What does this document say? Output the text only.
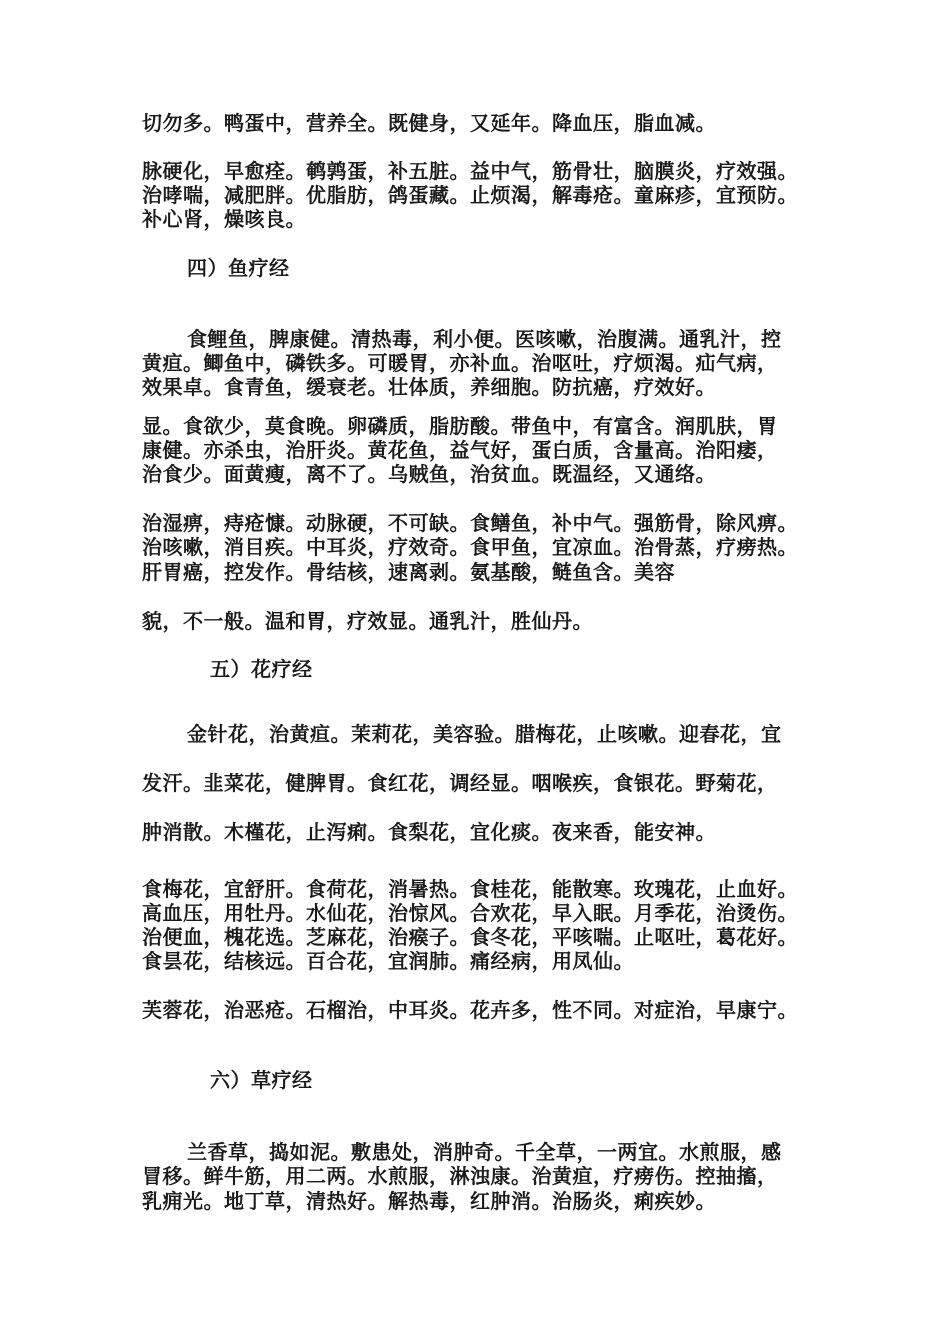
切勿多。鸭蛋中，营养全。既健身，又延年。降血压，脂血减。
脉硬化，早愈痊。鹌鹑蛋，补五脏。益中气，筋骨壮，脑膜炎，疗效强。
治哮喘，减肥胖。优脂肪，鸽蛋藏。止烦渴，解毒疮。童麻疹，宜预防。
补心肾，燥咳良。
四）鱼疗经
食鲤鱼，脾康健。清热毒，利小便。医咳嗽，治腹满。通乳汁，控
黄疸。鲫鱼中，磷铁多。可暖胃，亦补血。治呕吐，疗烦渴。疝气病，
效果卓。食青鱼，缓衰老。壮体质，养细胞。防抗癌，疗效好。
显。食欲少，莫食晚。卵磷质，脂肪酸。带鱼中，有富含。润肌肤，胃
康健。亦杀虫，治肝炎。黄花鱼，益气好，蛋白质，含量高。治阳痿，
治食少。面黄瘦，离不了。乌贼鱼，治贫血。既温经，又通络。
治湿痹，痔疮慷。动脉硬，不可缺。食鳝鱼，补中气。强筋骨，除风痹。
治咳嗽，消目疾。中耳炎，疗效奇。食甲鱼，宜凉血。治骨蒸，疗痨热。
肝胃癌，控发作。骨结核，速离剥。氨基酸，鲢鱼含。美容
貌，不一般。温和胃，疗效显。通乳汁，胜仙丹。
五）花疗经
金针花，治黄疸。茉莉花，美容验。腊梅花，止咳嗽。迎春花，宜
发汗。韭菜花，健脾胃。食红花，调经显。咽喉疾，食银花。野菊花，
肿消散。木槿花，止泻痢。食梨花，宜化痰。夜来香，能安神。
食梅花，宜舒肝。食荷花，消暑热。食桂花，能散寒。玫瑰花，止血好。
高血压，用牡丹。水仙花，治惊风。合欢花，早入眠。月季花，治烫伤。
治便血，槐花选。芝麻花，治瘊子。食冬花，平咳喘。止呕吐，葛花好。
食昙花，结核远。百合花，宜润肺。痛经病，用凤仙。
芙蓉花，治恶疮。石榴治，中耳炎。花卉多，性不同。对症治，早康宁。
六）草疗经
兰香草，捣如泥。敷患处，消肿奇。千全草，一两宜。水煎服，感
冒移。鲜牛筋，用二两。水煎服，淋浊康。治黄疸，疗痨伤。控抽搐，
乳痈光。地丁草，清热好。解热毒，红肿消。治肠炎，痢疾妙。
